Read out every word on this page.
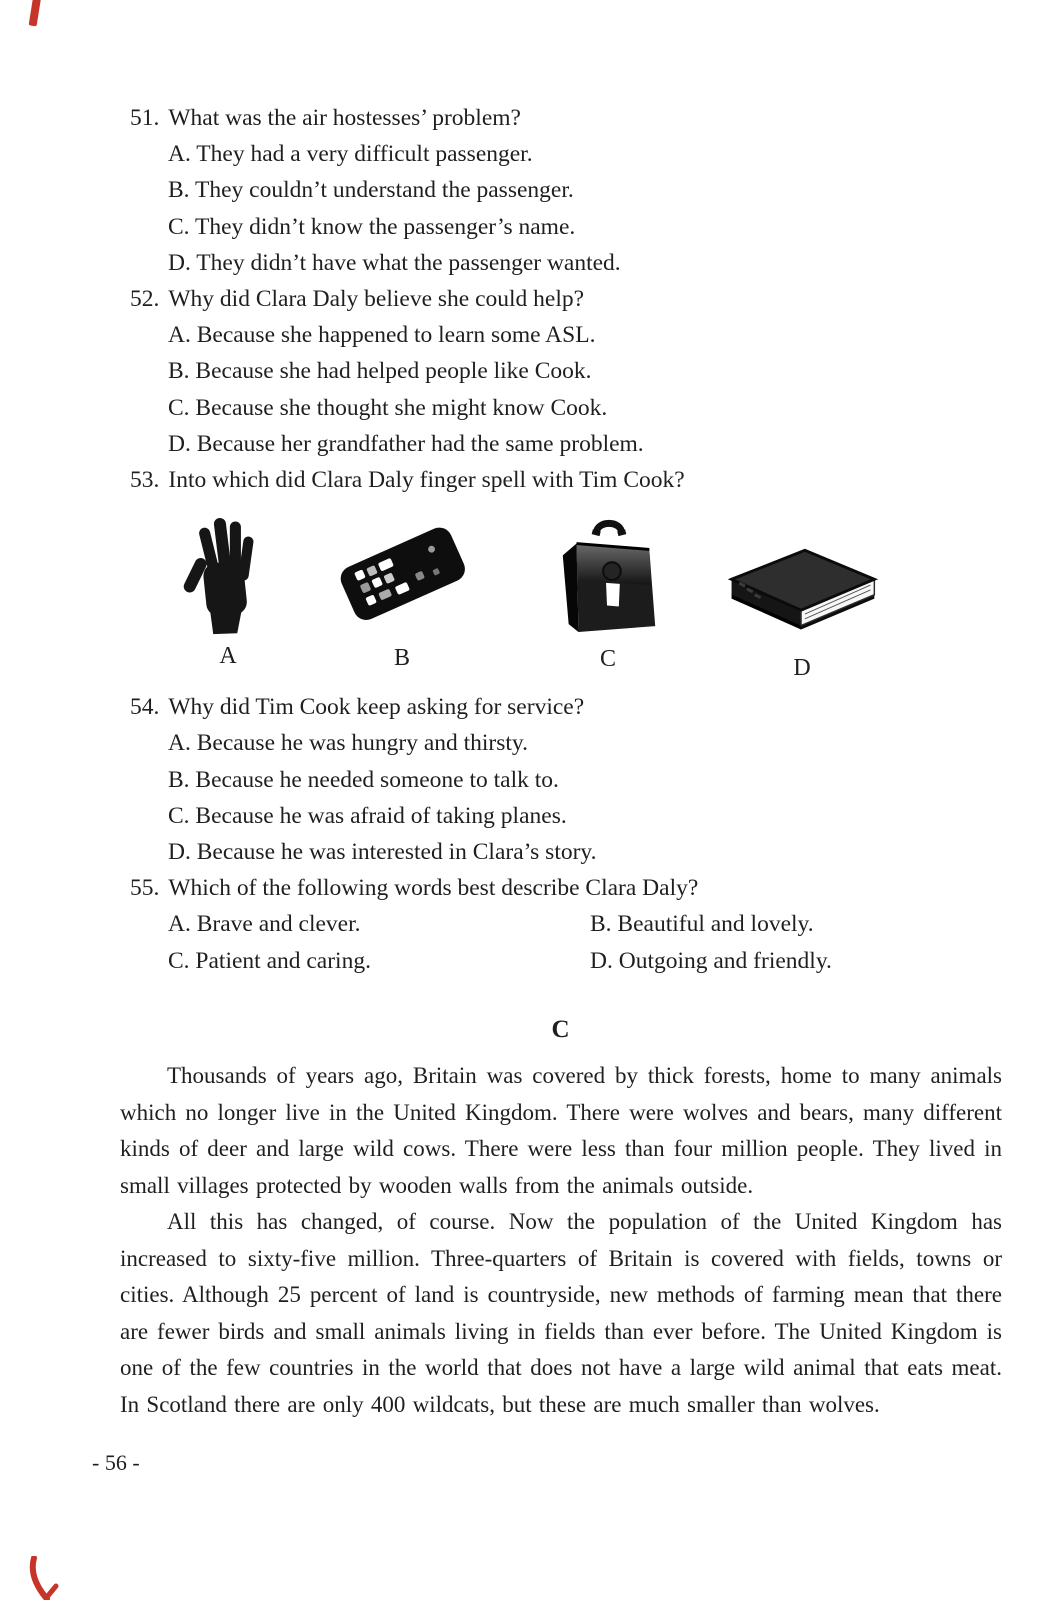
51. What was the air hostesses’ problem?
A. They had a very difficult passenger.
B. They couldn’t understand the passenger.
C. They didn’t know the passenger’s name.
D. They didn’t have what the passenger wanted.
52. Why did Clara Daly believe she could help?
A. Because she happened to learn some ASL.
B. Because she had helped people like Cook.
C. Because she thought she might know Cook.
D. Because her grandfather had the same problem.
53. Into which did Clara Daly finger spell with Tim Cook?
A	B	C	D
54. Why did Tim Cook keep asking for service?
A. Because he was hungry and thirsty.
B. Because he needed someone to talk to.
C. Because he was afraid of taking planes.
D. Because he was interested in Clara’s story.
55. Which of the following words best describe Clara Daly?
A. Brave and clever.	B. Beautiful and lovely.
C. Patient and caring.	D. Outgoing and friendly.
C

Thousands of years ago, Britain was covered by thick forests, home to many animals which no longer live in the United Kingdom. There were wolves and bears, many different kinds of deer and large wild cows. There were less than four million people. They lived in small villages protected by wooden walls from the animals outside.

All this has changed, of course. Now the population of the United Kingdom has increased to sixty-five million. Three-quarters of Britain is covered with fields, towns or cities. Although 25 percent of land is countryside, new methods of farming mean that there are fewer birds and small animals living in fields than ever before. The United Kingdom is one of the few countries in the world that does not have a large wild animal that eats meat. In Scotland there are only 400 wildcats, but these are much smaller than wolves.

- 56 -
